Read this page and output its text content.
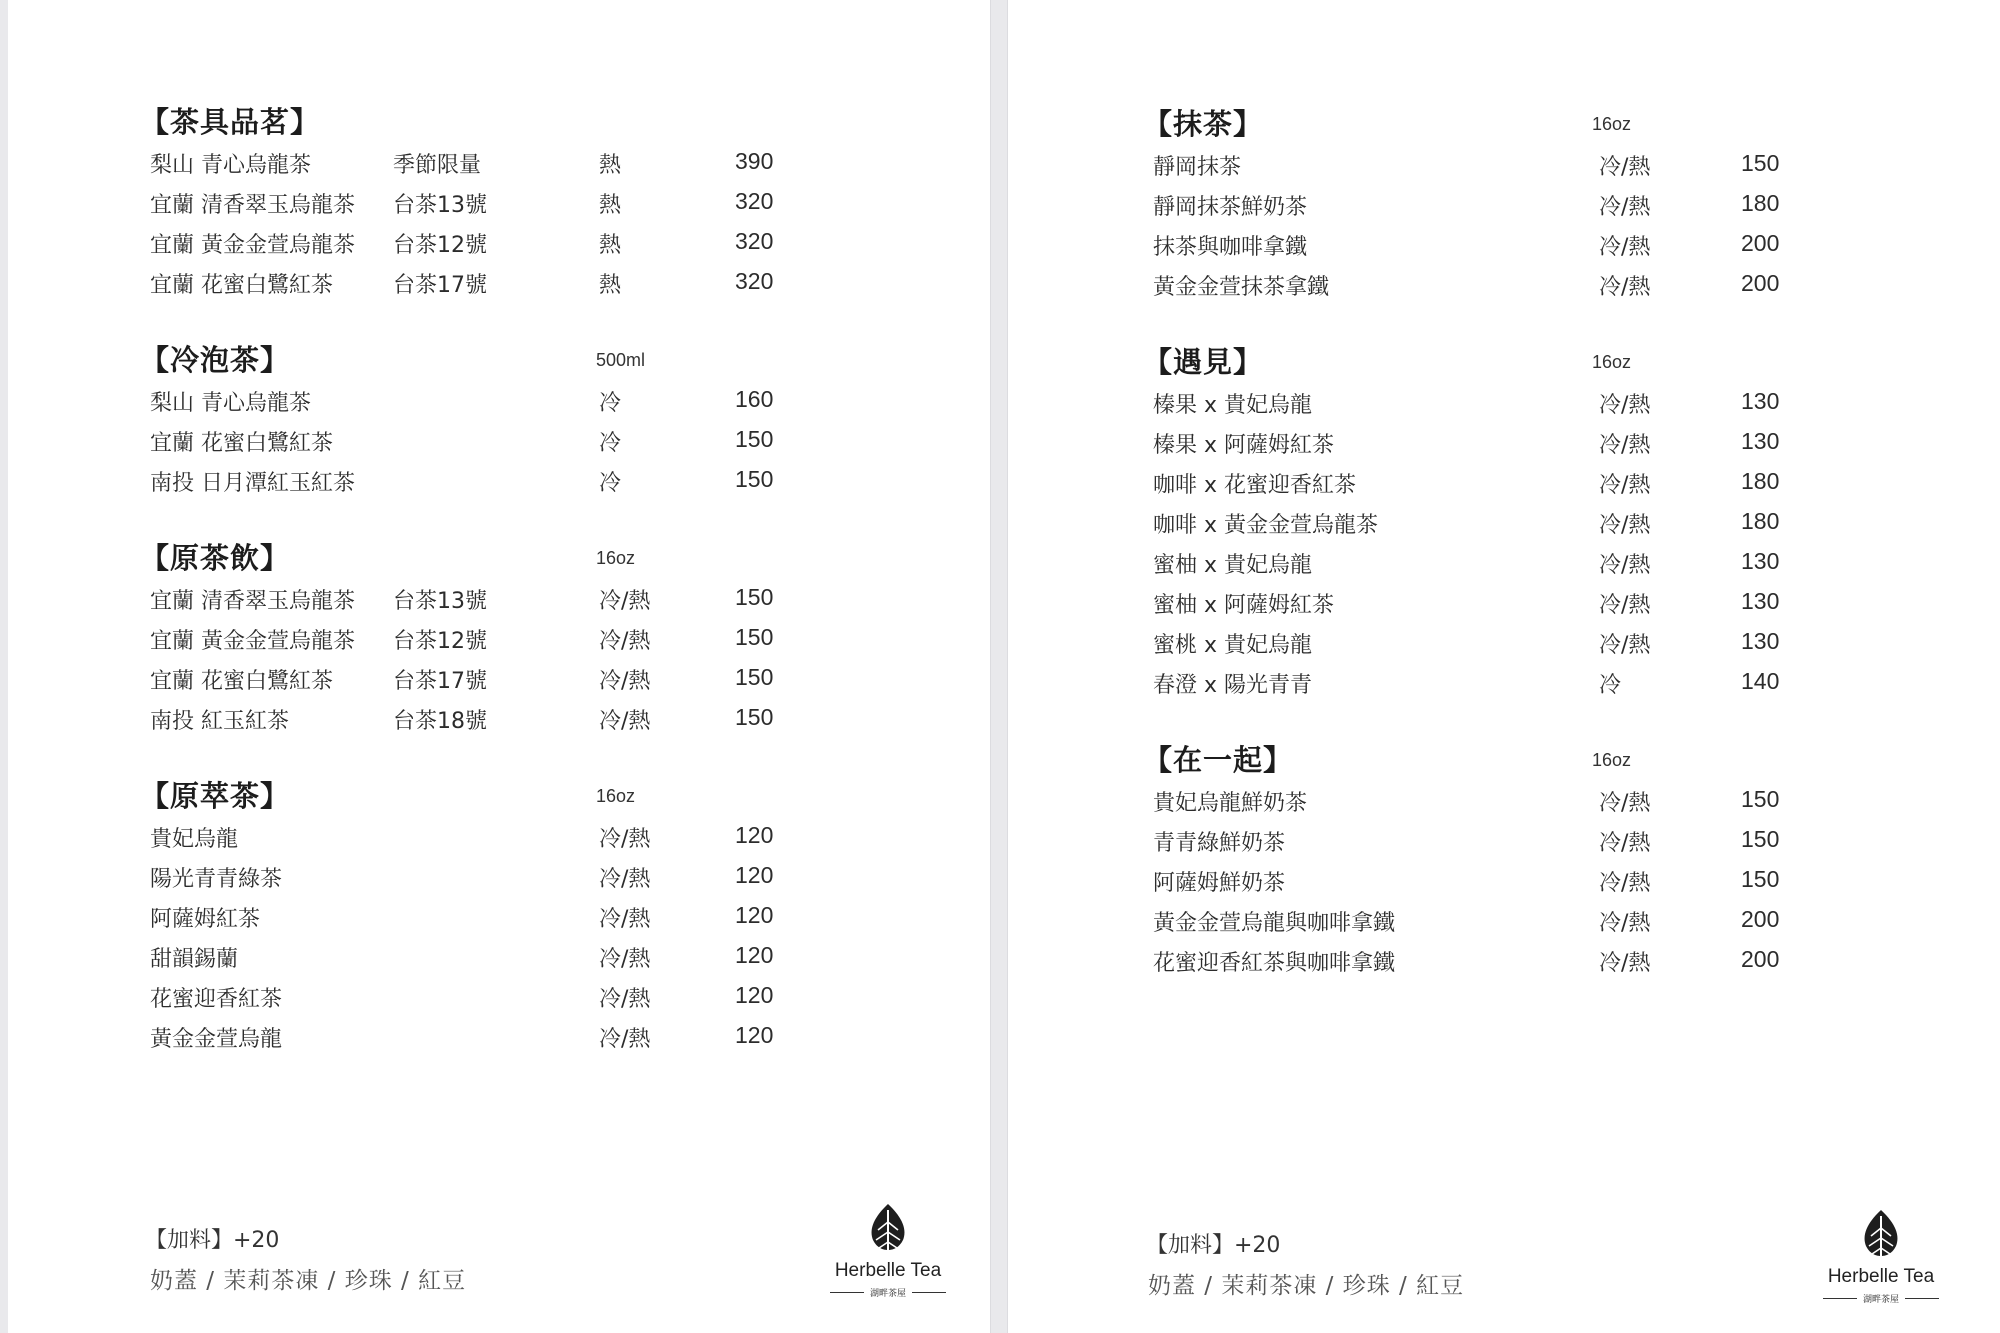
【茶具品茗】
梨山 青心烏龍茶	季節限量	熱	390
宜蘭 清香翠玉烏龍茶 台茶13號	熱	320
宜蘭 黃金金萱烏龍茶 台茶12號	熱	320
宜蘭 花蜜白鷺紅茶	台茶17號	熱	320
【冷泡茶】	500ml
梨山 青心烏龍茶	冷	160
宜蘭 花蜜白鷺紅茶	冷	150
南投 日月潭紅玉紅茶	冷	150
【原茶飲】	16oz
宜蘭 清香翠玉烏龍茶 台茶13號	冷/熱	150
宜蘭 黃金金萱烏龍茶 台茶12號	冷/熱	150
宜蘭 花蜜白鷺紅茶	台茶17號	冷/熱	150
南投 紅玉紅茶	台茶18號	冷/熱	150
【原萃茶】	16oz
貴妃烏龍	冷/熱	120
陽光青青綠茶	冷/熱	120
阿薩姆紅茶	冷/熱	120
甜韻錫蘭	冷/熱	120
花蜜迎香紅茶	冷/熱	120
黃金金萱烏龍	冷/熱	120
【加料】+20
奶蓋 / 茉莉茶凍 / 珍珠 / 紅豆	Herbelle Tea
湖畔茶屋
【抹茶】	16oz
靜岡抹茶	冷/熱	150
靜岡抹茶鮮奶茶	冷/熱	180
抹茶與咖啡拿鐵	冷/熱	200
黃金金萱抹茶拿鐵	冷/熱	200
【遇見】	16oz
榛果 x 貴妃烏龍	冷/熱	130
榛果 x 阿薩姆紅茶	冷/熱	130
咖啡 x 花蜜迎香紅茶	冷/熱	180
咖啡 x 黃金金萱烏龍茶	冷/熱	180
蜜柚 x 貴妃烏龍	冷/熱	130
蜜柚 x 阿薩姆紅茶	冷/熱	130
蜜桃 x 貴妃烏龍	冷/熱	130
春澄 x 陽光青青	冷	140
【在一起】	16oz
貴妃烏龍鮮奶茶	冷/熱	150
青青綠鮮奶茶	冷/熱	150
阿薩姆鮮奶茶	冷/熱	150
黃金金萱烏龍與咖啡拿鐵	冷/熱	200
花蜜迎香紅茶與咖啡拿鐵	冷/熱	200
【加料】+20
奶蓋 / 茉莉茶凍 / 珍珠 / 紅豆	Herbelle Tea
湖畔茶屋
